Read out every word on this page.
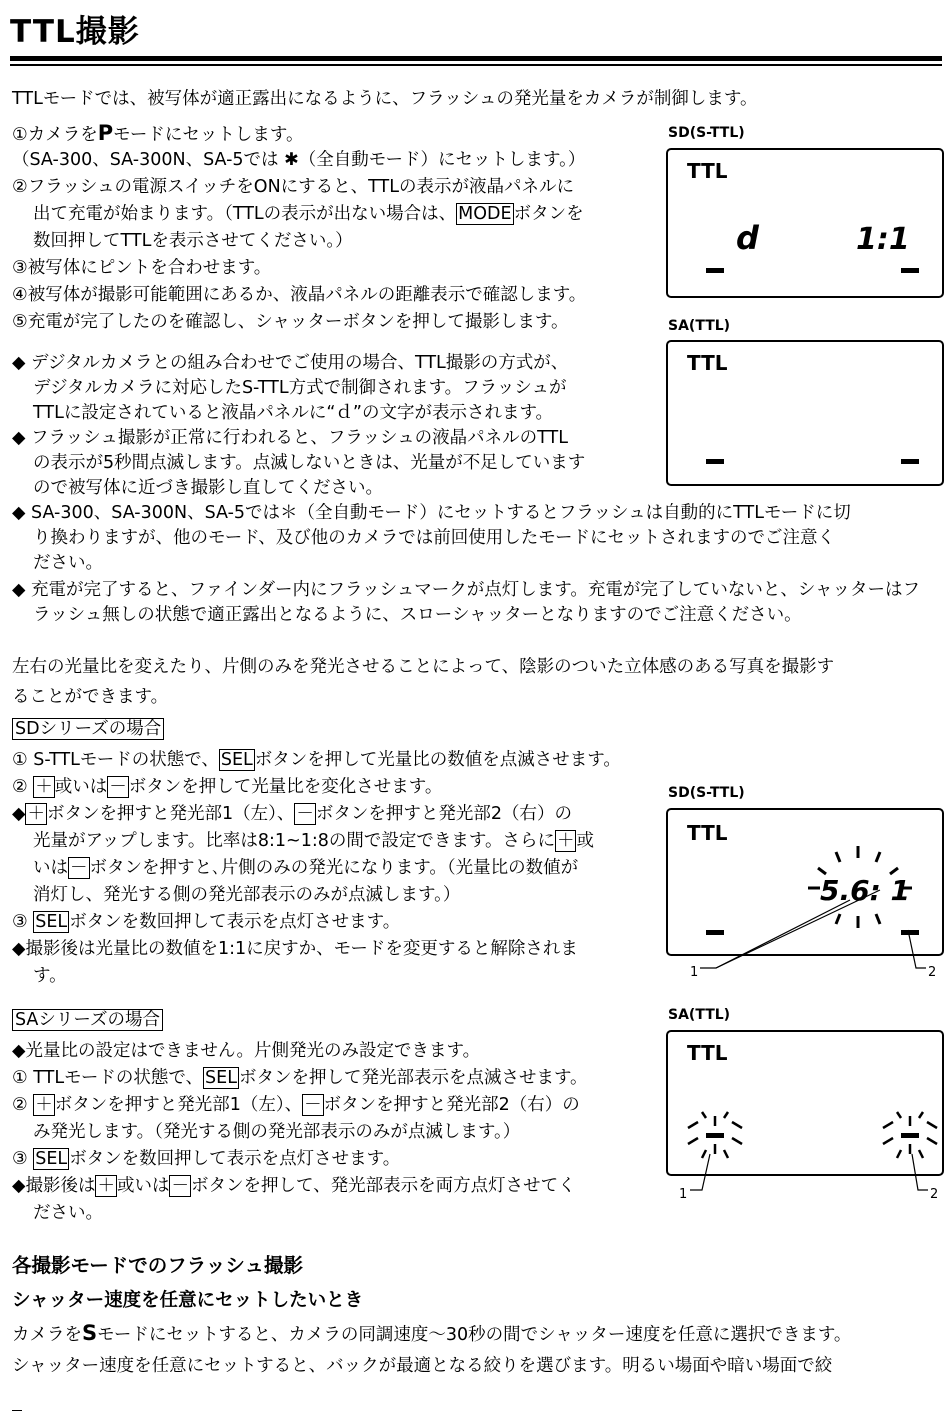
TTL撮影
TTLモードでは、被写体が適正露出になるように、フラッシュの発光量をカメラが制御します。
①カメラをPモードにセットします。
（SA-300、SA-300N、SA-5では ✱（全自動モード）にセットします。）
②フラッシュの電源スイッチをONにすると、TTLの表示が液晶パネルに
出て充電が始まります。（TTLの表示が出ない場合は、 MODE ボタンを
数回押してTTLを表示させてください。）
③被写体にピントを合わせます。
④被写体が撮影可能範囲にあるか、液晶パネルの距離表示で確認します。
⑤充電が完了したのを確認し、シャッターボタンを押して撮影します。
◆ デジタルカメラとの組み合わせでご使用の場合、TTL撮影の方式が、
デジタルカメラに対応したS-TTL方式で制御されます。フラッシュが
TTLに設定されていると液晶パネルに“ｄ”の文字が表示されます。
◆ フラッシュ撮影が正常に行われると、フラッシュの液晶パネルのTTL
の表示が5秒間点滅します。点滅しないときは、光量が不足しています
ので被写体に近づき撮影し直してください。
◆ SA-300、SA-300N、SA-5では＊（全自動モード）にセットするとフラッシュは自動的にTTLモードに切
り換わりますが、他のモード、及び他のカメラでは前回使用したモードにセットされますのでご注意く
ださい。
◆ 充電が完了すると、ファインダー内にフラッシュマークが点灯します。充電が完了していないと、シャッターはフ
ラッシュ無しの状態で適正露出となるように、スローシャッターとなりますのでご注意ください。
左右の光量比を変えたり、片側のみを発光させることによって、陰影のついた立体感のある写真を撮影す
ることができます。
SDシリーズの場合
① S-TTLモードの状態で、 SEL ボタンを押して光量比の数値を点滅させます。
② ＋ 或いは － ボタンを押して光量比を変化させます。
◆ ＋ ボタンを押すと発光部1（左）、 － ボタンを押すと発光部2（右）の
光量がアップします。比率は8:1~1:8の間で設定できます。さらに ＋ 或
いは － ボタンを押すと､片側のみの発光になります。（光量比の数値が
消灯し、発光する側の発光部表示のみが点滅します。）
③ SEL ボタンを数回押して表示を点灯させます。
◆撮影後は光量比の数値を1:1に戻すか、モードを変更すると解除されま
す。
SAシリーズの場合
◆光量比の設定はできません。片側発光のみ設定できます。
① TTLモードの状態で、 SEL ボタンを押して発光部表示を点滅させます。
② ＋ ボタンを押すと発光部1（左）、 － ボタンを押すと発光部2（右）の
み発光します。（発光する側の発光部表示のみが点滅します。）
③ SEL ボタンを数回押して表示を点灯させます。
◆撮影後は ＋ 或いは － ボタンを押して、発光部表示を両方点灯させてく
ださい。
SD(S-TTL)
TTL
d	1:1
SA(TTL)
TTL
SD(S-TTL)
TTL
5.6: 1
1	2
SA(TTL)
TTL
1	2
各撮影モードでのフラッシュ撮影
シャッター速度を任意にセットしたいとき
カメラをSモードにセットすると、カメラの同調速度～30秒の間でシャッター速度を任意に選択できます。
シャッター速度を任意にセットすると、バックが最適となる絞りを選びます。明るい場面や暗い場面で絞
